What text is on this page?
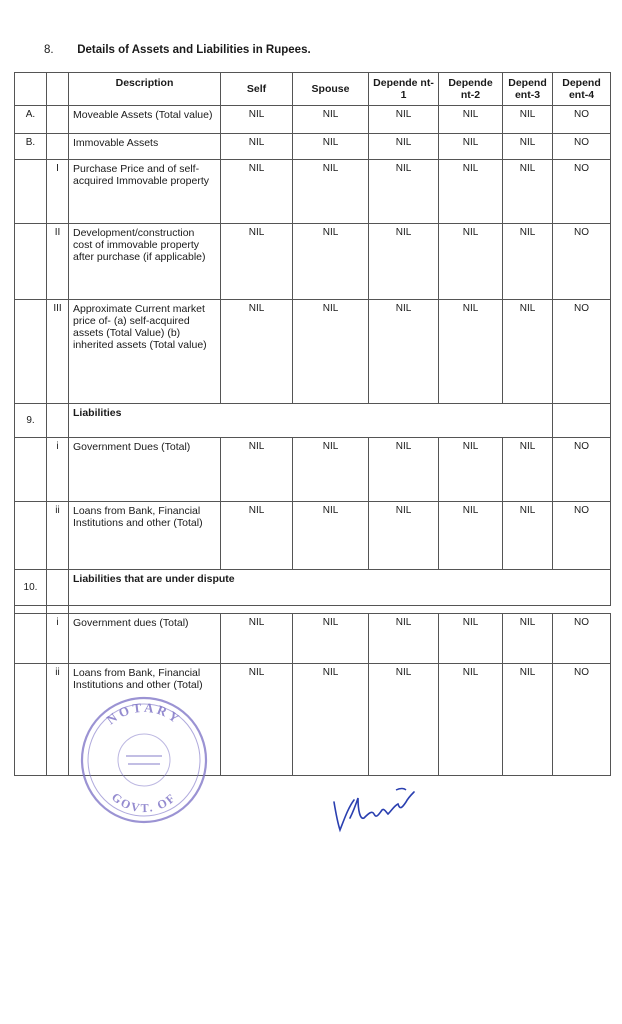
8. Details of Assets and Liabilities in Rupees.
		Description	Self	Spouse	Depende nt-1	Depende nt-2	Depend ent-3	Depend ent-4
A.		Moveable Assets (Total value)	NIL	NIL	NIL	NIL	NIL	NO
B.		Immovable Assets	NIL	NIL	NIL	NIL	NIL	NO
	I	Purchase Price and of self-acquired Immovable property	NIL	NIL	NIL	NIL	NIL	NO
	II	Development/construction cost of immovable property after purchase (if applicable)	NIL	NIL	NIL	NIL	NIL	NO
	III	Approximate Current market price of- (a) self-acquired assets (Total Value) (b) inherited assets (Total value)	NIL	NIL	NIL	NIL	NIL	NO
9.		Liabilities						
	i	Government Dues (Total)	NIL	NIL	NIL	NIL	NIL	NO
	ii	Loans from Bank, Financial Institutions and other (Total)	NIL	NIL	NIL	NIL	NIL	NO
10.		Liabilities that are under dispute						

	i	Government dues (Total)	NIL	NIL	NIL	NIL	NIL	NO
	ii	Loans from Bank, Financial Institutions and other (Total)	NIL	NIL	NIL	NIL	NIL	NO
NOTARY
GOVT. OF
